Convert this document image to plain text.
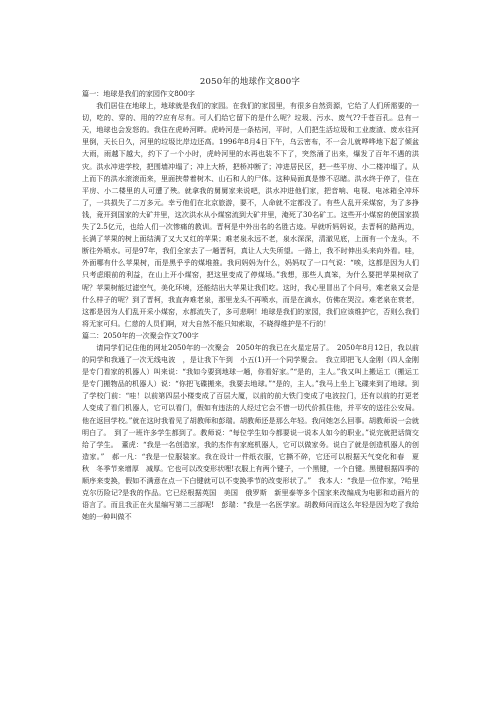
2050年的地球作文800字

篇一：地球是我们的家园作文800字

我们居住在地球上，地球就是我们的家园。在我们的家园里，有很多自然资源，它给了人们所需要的一切，吃的、穿的、用的??应有尽有。可人们给它留下的是什么呢？垃圾、污水、废气??千苍百孔。总有一天，地球也会发怒的。我住在虎岭河畔。虎岭河是一条枯河，平时，人们把生活垃圾和工业废渣、废水往河里倒，天长日久，河里的垃圾比岸边还高。1996年8月4日下午，乌云密布，不一会儿就哗哗地下起了倾盆大雨，雨越下越大，约下了一个小时，虎岭河里的水再也装不下了，突然涌了出来，爆发了百年不遇的洪灾。洪水冲进学校，把围墙冲塌了；冲上大桥，把桥冲断了；冲进居民区，把一些平房、小二楼冲塌了。从上而下的洪水滚滚而来，里面挟带着树木、山石和人的尸体。这种局面真是惨不忍睹。洪水终于停了，住在平房、小二楼里的人可遭了殃。就拿我的舅舅家来说吧，洪水冲进他们家，把音响、电视、电冰箱全冲坏了，一共损失了二万多元。幸亏他们在北京旅游，要不，人命就不定都没了。有些人乱开采煤窑，为了多挣钱，竟开到国家的大矿井里，这次洪水从小煤窑流到大矿井里，淹死了30名矿工。这些开小煤窑的使国家损失了2.5亿元，也给人们一次惨痛的教训。晋柯是中外出名的名胜古迹。早就听妈妈说，去晋柯的路两边，长满了苹果的树上面结满了又大又红的苹果；难老泉永远不老，泉水深深，清澈见底，上面有一个龙头，不断往外喷水。可是97年，我们全家去了一趟晋柯，真让人大失所望。一路上，我不时伸出头来向外看。哇，外面哪有什么苹果树，而是黑乎乎的煤堆推。我问妈妈为什么，妈妈叹了一口气说：“唉，这都是因为人们只考虑眼前的利益，在山上开小煤窑，把这里变成了停煤场。”我想，那些人真笨，为什么要把苹果树砍了呢？苹果树能过滤空气，美化环境，还能结出大苹果让我们吃。这时，我心里冒出了个问号，难老泉又会是什么样子的呢？到了晋柯，我直奔难老泉，那里龙头不再喷水，而是在滴水，仿佛在哭泣。难老泉在衰老，这都是因为人们乱开采小煤窑，水都流失了，多可悲啊！地球是我们的家园，我们应该维护它，否则么我们将无家可归。仁慈的人员们啊，对大自然不能只知索取，不晓得维护是不行的！

篇二：2050年的一次聚会作文700字

请同学们记住他的网址2050年的一次聚会　2050年的我已在火星定居了。　2050年8月12日，我以前的同学和我通了一次无线电波　，是让我下午到　小五(1)开一个同学聚会。　我立即把飞人金刚（四人金刚是专门看家的机器人）叫来说：“我如今要到地球一趟，你看好家。”“是的，主人。”我又叫上搬运工（搬运工是专门搬物品的机器人）说：“你把飞碟搬来，我要去地球。”“是的，主人。”我马上坐上飞碟来到了地球。到了学校门前：“哇！以前第四层小楼变成了百层大厦，以前的前大铁门变成了电波拉门，还有以前的打更老人变成了看门机器人，它可以看门，假如有违法的人经过它会不惜一切代价抓住他，并平安的送往公安局。他在返回学校。”就在这时我看见了胡教师和彭瑞。胡教师还是那么年轻。我问她怎么回事。胡教师说一会就明白了。　到了一班许多学生都到了。教师说：“每位学生如今都要说一说本人如今的职业。”说完就把话筒交给了学生。　董虎：“我是一名创造家，我的杰作有家庭机器人，它可以做家务。说白了就是创造机器人的创造家。”　郝一凡：“我是一位服装家。我在设计一件纸衣服，它撕不碎，它还可以根据天气变化和春　夏　秋　冬季节来增厚　减厚。它也可以改变形状哩!衣服上有两个键子，一个黑键，一个白键。黑键根据四季的顺序来变换，假如不满意在点一下白键就可以不变换季节的改变形状了。”　我本人：“我是一位作家，?哈里　克尔历险记?是我的作品。它已经根据英国　美国　俄罗斯　新里泰等多个国家来改编成为电影和动画片的语言了。而且我正在火星编写第二三部呢!　彭瑞：“我是一名医学家。胡教师问而这么年轻是因为吃了我给她的一种叫做不
